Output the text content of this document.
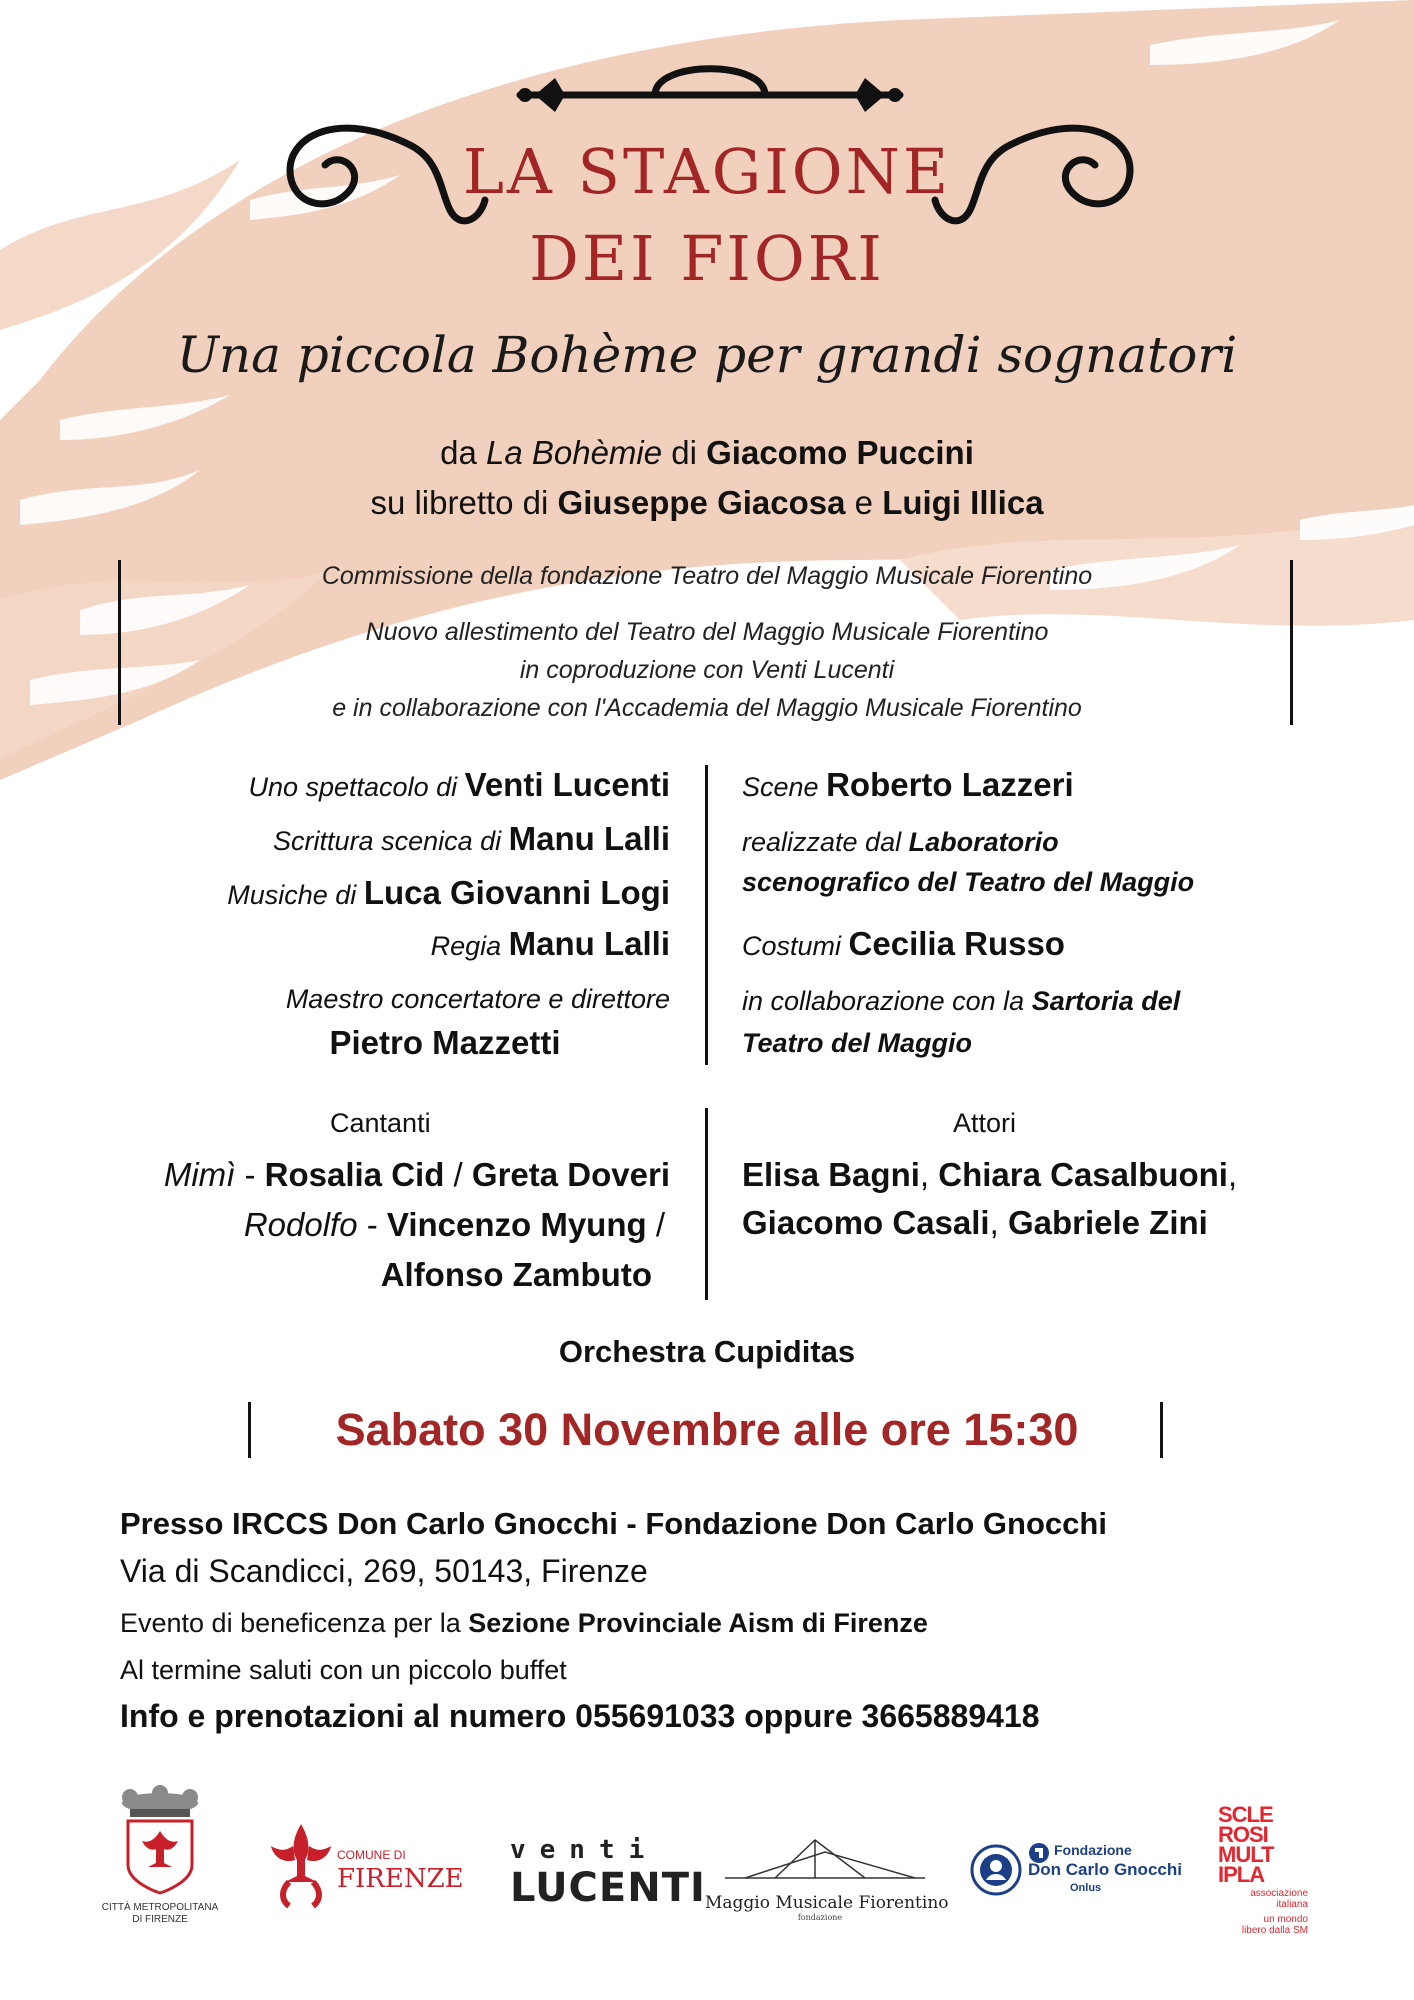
LA STAGIONE
DEI FIORI
Una piccola Bohème per grandi sognatori
da La Bohèmie di Giacomo Puccini
su libretto di Giuseppe Giacosa e Luigi Illica
Commissione della fondazione Teatro del Maggio Musicale Fiorentino
Nuovo allestimento del Teatro del Maggio Musicale Fiorentino
in coproduzione con Venti Lucenti
e in collaborazione con l'Accademia del Maggio Musicale Fiorentino
Uno spettacolo di Venti Lucenti
Scrittura scenica di Manu Lalli
Musiche di Luca Giovanni Logi
Regia Manu Lalli
Maestro concertatore e direttore
Pietro Mazzetti
Scene Roberto Lazzeri
realizzate dal Laboratorio
scenografico del Teatro del Maggio
Costumi Cecilia Russo
in collaborazione con la Sartoria del
Teatro del Maggio
Cantanti	Attori
Mimì - Rosalia Cid / Greta Doveri
Rodolfo - Vincenzo Myung /
Alfonso Zambuto
Elisa Bagni, Chiara Casalbuoni,
Giacomo Casali, Gabriele Zini
Orchestra Cupiditas
Sabato 30 Novembre alle ore 15:30
Presso IRCCS Don Carlo Gnocchi - Fondazione Don Carlo Gnocchi
Via di Scandicci, 269, 50143, Firenze
Evento di beneficenza per la Sezione Provinciale Aism di Firenze
Al termine saluti con un piccolo buffet
Info e prenotazioni al numero 055691033 oppure 3665889418
CITTÀ METROPOLITANA
DI FIRENZE
COMUNE DI
FIRENZE
venti
LUCENTI Maggio Musicale Fiorentino
fondazione
Fondazione
Don Carlo Gnocchi
Onlus
SCLE
ROSI
MULT
IPLA
associazione
italiana
un mondo
libero dalla SM
